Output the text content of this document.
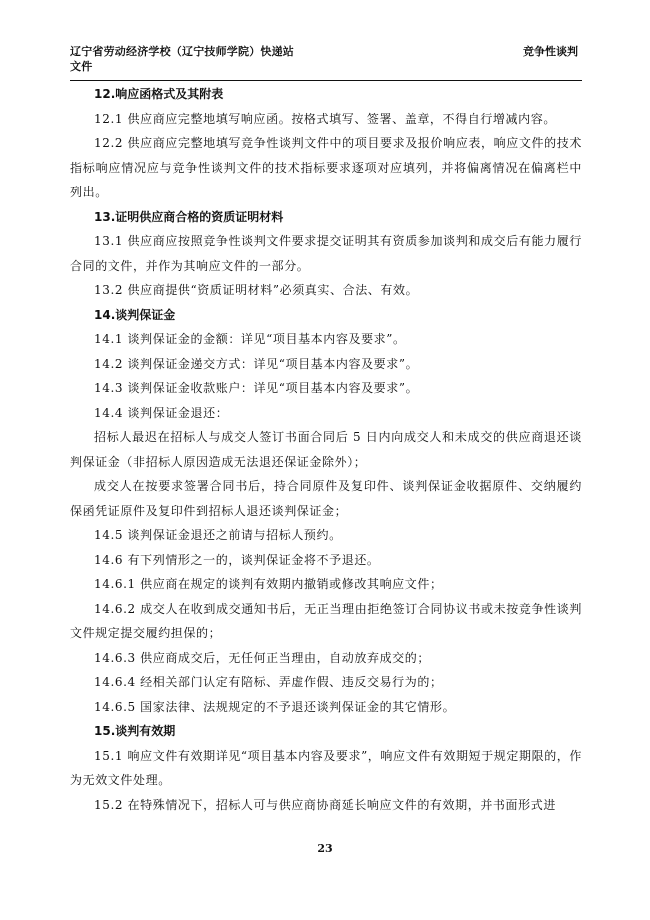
辽宁省劳动经济学校（辽宁技师学院）快递站
文件
竞争性谈判

12.响应函格式及其附表

12.1 供应商应完整地填写响应函。按格式填写、签署、盖章，不得自行增减内容。

12.2 供应商应完整地填写竞争性谈判文件中的项目要求及报价响应表，响应文件的技术指标响应情况应与竞争性谈判文件的技术指标要求逐项对应填列，并将偏离情况在偏离栏中列出。

13.证明供应商合格的资质证明材料

13.1 供应商应按照竞争性谈判文件要求提交证明其有资质参加谈判和成交后有能力履行合同的文件，并作为其响应文件的一部分。

13.2 供应商提供“资质证明材料”必须真实、合法、有效。

14.谈判保证金

14.1 谈判保证金的金额：详见“项目基本内容及要求”。

14.2 谈判保证金递交方式：详见“项目基本内容及要求”。

14.3 谈判保证金收款账户：详见“项目基本内容及要求”。

14.4 谈判保证金退还：

招标人最迟在招标人与成交人签订书面合同后 5 日内向成交人和未成交的供应商退还谈判保证金（非招标人原因造成无法退还保证金除外）；

成交人在按要求签署合同书后，持合同原件及复印件、谈判保证金收据原件、交纳履约保函凭证原件及复印件到招标人退还谈判保证金；

14.5 谈判保证金退还之前请与招标人预约。

14.6 有下列情形之一的，谈判保证金将不予退还。

14.6.1 供应商在规定的谈判有效期内撤销或修改其响应文件；

14.6.2 成交人在收到成交通知书后，无正当理由拒绝签订合同协议书或未按竞争性谈判文件规定提交履约担保的；

14.6.3 供应商成交后，无任何正当理由，自动放弃成交的；

14.6.4 经相关部门认定有陪标、弄虚作假、违反交易行为的；

14.6.5 国家法律、法规规定的不予退还谈判保证金的其它情形。

15.谈判有效期

15.1 响应文件有效期详见“项目基本内容及要求”，响应文件有效期短于规定期限的，作为无效文件处理。

15.2 在特殊情况下，招标人可与供应商协商延长响应文件的有效期，并书面形式进

23
